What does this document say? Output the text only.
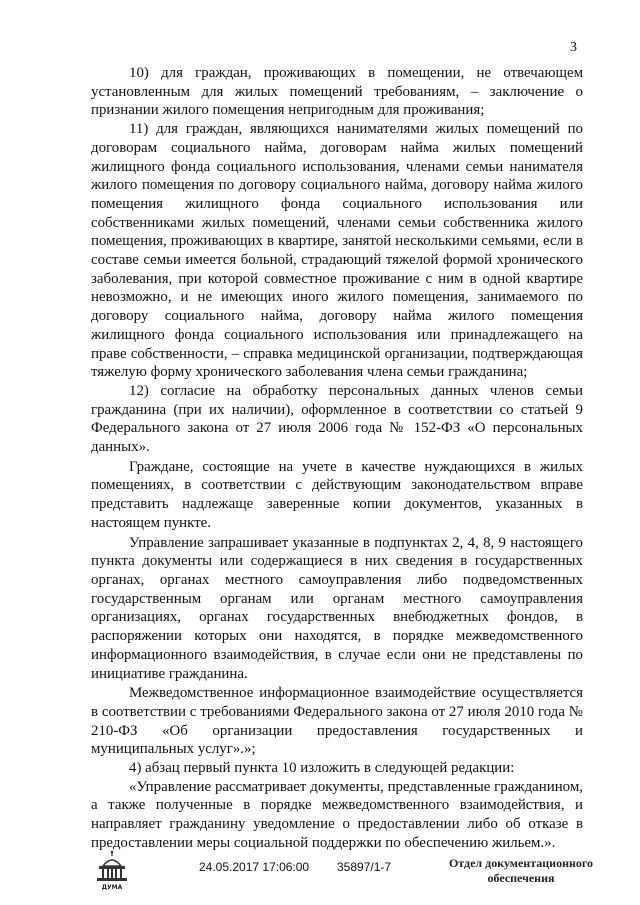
3

10) для граждан, проживающих в помещении, не отвечающем установленным для жилых помещений требованиям, – заключение о признании жилого помещения непригодным для проживания;

11) для граждан, являющихся нанимателями жилых помещений по договорам социального найма, договорам найма жилых помещений жилищного фонда социального использования, членами семьи нанимателя жилого помещения по договору социального найма, договору найма жилого помещения жилищного фонда социального использования или собственниками жилых помещений, членами семьи собственника жилого помещения, проживающих в квартире, занятой несколькими семьями, если в составе семьи имеется больной, страдающий тяжелой формой хронического заболевания, при которой совместное проживание с ним в одной квартире невозможно, и не имеющих иного жилого помещения, занимаемого по договору социального найма, договору найма жилого помещения жилищного фонда социального использования или принадлежащего на праве собственности, – справка медицинской организации, подтверждающая тяжелую форму хронического заболевания члена семьи гражданина;

12) согласие на обработку персональных данных членов семьи гражданина (при их наличии), оформленное в соответствии со статьей 9 Федерального закона от 27 июля 2006 года № 152-ФЗ «О персональных данных».

Граждане, состоящие на учете в качестве нуждающихся в жилых помещениях, в соответствии с действующим законодательством вправе представить надлежаще заверенные копии документов, указанных в настоящем пункте.

Управление запрашивает указанные в подпунктах 2, 4, 8, 9 настоящего пункта документы или содержащиеся в них сведения в государственных органах, органах местного самоуправления либо подведомственных государственным органам или органам местного самоуправления организациях, органах государственных внебюджетных фондов, в распоряжении которых они находятся, в порядке межведомственного информационного взаимодействия, в случае если они не представлены по инициативе гражданина.

Межведомственное информационное взаимодействие осуществляется в соответствии с требованиями Федерального закона от 27 июля 2010 года № 210-ФЗ «Об организации предоставления государственных и муниципальных услуг».»;

4) абзац первый пункта 10 изложить в следующей редакции:

«Управление рассматривает документы, представленные гражданином, а также полученные в порядке межведомственного взаимодействия, и направляет гражданину уведомление о предоставлении либо об отказе в предоставлении меры социальной поддержки по обеспечению жильем.».

ДУМА
24.05.2017 17:06:00 35897/1-7	Отдел документационного
обеспечения
